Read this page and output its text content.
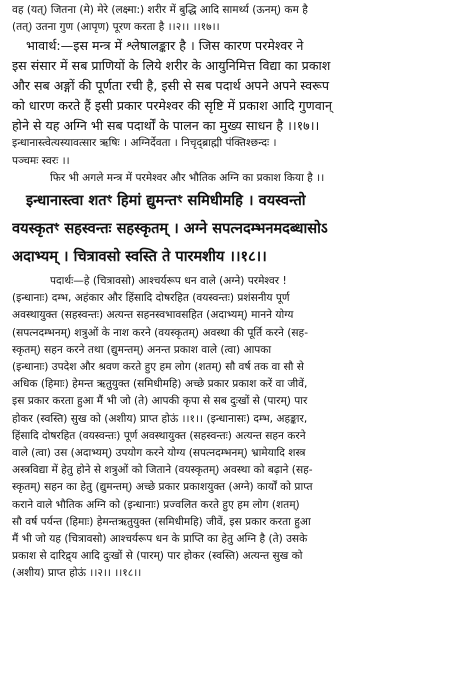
वह (यत्) जितना (मे) मेरे (लक्ष्मा:) शरीर में बुद्धि आदि सामर्थ्य (ऊनम्) कम है

(तत्) उतना गुण (आपृण) पूरण करता है ।।२।। ।।१७।।

भावार्थ:—इस मन्त्र में श्लेषालङ्कार है । जिस कारण परमेश्वर ने

इस संसार में सब प्राणियों के लिये शरीर के आयुनिमित्त विद्या का प्रकाश

और सब अङ्गों की पूर्णता रची है, इसी से सब पदार्थ अपने अपने स्वरूप

को धारण करते हैं इसी प्रकार परमेश्वर की सृष्टि में प्रकाश आदि गुणवान्

होने से यह अग्नि भी सब पदार्थों के पालन का मुख्य साधन है ।।१७।।

इन्धानास्त्वेत्यस्यावत्सार ऋषिः । अग्निर्देवता । निचृद्ब्राह्मी पंक्तिश्छन्दः ।

पञ्चमः स्वरः ।।

फिर भी अगले मन्त्र में परमेश्वर और भौतिक अग्नि का प्रकाश किया है ।।

इन्धानास्त्वा शतꣳ हिमां द्युमन्तꣳ समिधीमहि । वयस्वन्तो

वयस्कृतꣳ सहस्वन्तः सहस्कृतम् । अग्ने सपत्नदम्भनमदब्धासोऽ

अदाभ्यम् । चित्रावसो स्वस्ति ते पारमशीय ।।१८।।

पदार्थः—हे (चित्रावसो) आश्चर्यरूप धन वाले (अग्ने) परमेश्वर !

(इन्धानाः) दम्भ, अहंकार और हिंसादि दोषरहित (वयस्वन्तः) प्रशंसनीय पूर्ण

अवस्थायुक्त (सहस्वन्तः) अत्यन्त सहनस्वभावसहित (अदाभ्यम्) मानने योग्य

(सपत्नदम्भनम्) शत्रुओं के नाश करने (वयस्कृतम्) अवस्था की पूर्ति करने (सह-

स्कृतम्) सहन करने तथा (द्युमन्तम्) अनन्त प्रकाश वाले (त्वा) आपका

(इन्धानाः) उपदेश और श्रवण करते हुए हम लोग (शतम्) सौ वर्ष तक वा सौ से

अधिक (हिमाः) हेमन्त ऋतुयुक्त (समिधीमहि) अच्छे प्रकार प्रकाश करें वा जीवें,

इस प्रकार करता हुआ मैं भी जो (ते) आपकी कृपा से सब दुःखों से (पारम्) पार

होकर (स्वस्ति) सुख को (अशीय) प्राप्त होऊं ।।१।। (इन्धानासः) दम्भ, अहङ्कार,

हिंसादि दोषरहित (वयस्वन्तः) पूर्ण अवस्थायुक्त (सहस्वन्तः) अत्यन्त सहन करने

वाले (त्वा) उस (अदाभ्यम्) उपयोग करने योग्य (सपत्नदम्भनम्) भ्रामेयादि शस्त्र

अस्त्रविद्या में हेतु होने से शत्रुओं को जिताने (वयस्कृतम्) अवस्था को बढ़ाने (सह-

स्कृतम्) सहन का हेतु (द्युमन्तम्) अच्छे प्रकार प्रकाशयुक्त (अग्ने) कार्यों को प्राप्त

कराने वाले भौतिक अग्नि को (इन्धानाः) प्रज्वलित करते हुए हम लोग (शतम्)

सौ वर्ष पर्यन्त (हिमाः) हेमन्तऋतुयुक्त (समिधीमहि) जीवें, इस प्रकार करता हुआ

मैं भी जो यह (चित्रावसो) आश्चर्यरूप धन के प्राप्ति का हेतु अग्नि है (ते) उसके

प्रकाश से दारिद्र्य आदि दुःखों से (पारम्) पार होकर (स्वस्ति) अत्यन्त सुख को

(अशीय) प्राप्त होऊं ।।२।। ।।१८।।
